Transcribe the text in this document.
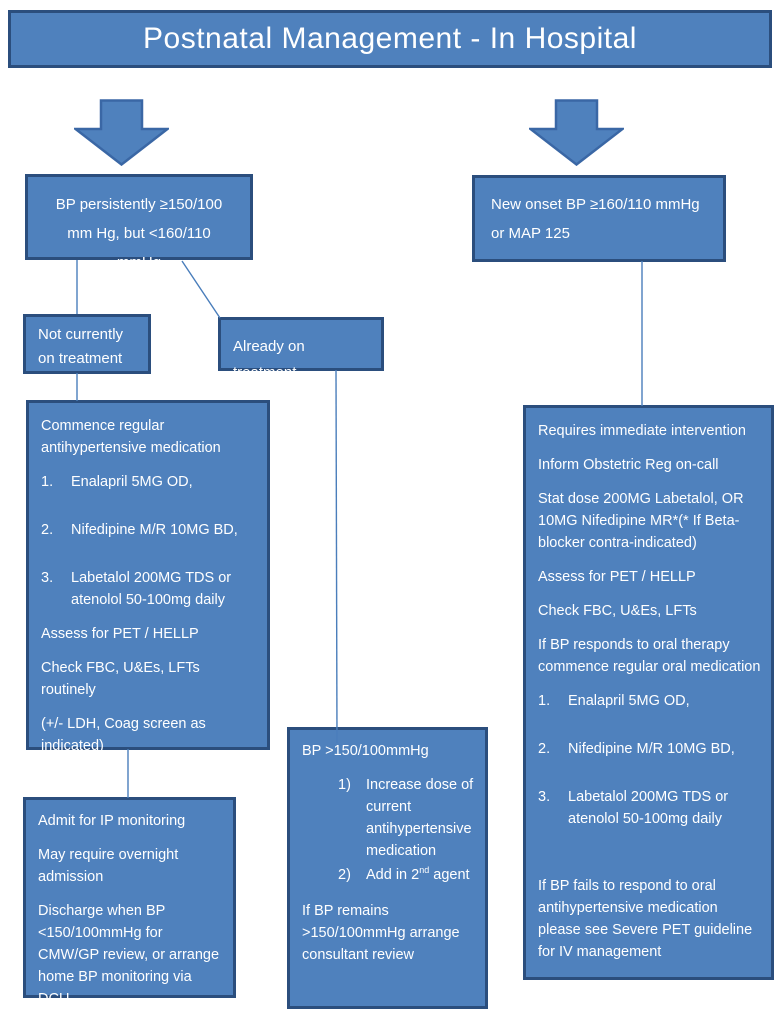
Postnatal Management - In Hospital
BP persistently ≥150/100 mm Hg, but <160/110 mmHg
New onset BP ≥160/110 mmHg or MAP 125
Not currently on treatment
Already on treatment

Commence regular antihypertensive medication

1.	Enalapril 5MG OD,
2.	Nifedipine M/R 10MG BD,
3.	Labetalol 200MG TDS or atenolol 50-100mg daily

Assess for PET / HELLP

Check FBC, U&Es, LFTs routinely

(+/- LDH, Coag screen as indicated)

Admit for IP monitoring

May require overnight admission

Discharge when BP <150/100mmHg for CMW/GP review, or arrange home BP monitoring via DCU

BP >150/100mmHg

1)	Increase dose of current antihypertensive medication
2)	Add in 2nd agent

If BP remains >150/100mmHg arrange consultant review

Requires immediate intervention

Inform Obstetric Reg on-call

Stat dose 200MG Labetalol, OR 10MG Nifedipine MR*(* If Beta-blocker contra-indicated)

Assess for PET / HELLP

Check FBC, U&Es, LFTs

If BP responds to oral therapy commence regular oral medication

1.	Enalapril 5MG OD,
2.	Nifedipine M/R 10MG BD,
3.	Labetalol 200MG TDS or atenolol 50-100mg daily

If BP fails to respond to oral antihypertensive medication please see Severe PET guideline for IV management
